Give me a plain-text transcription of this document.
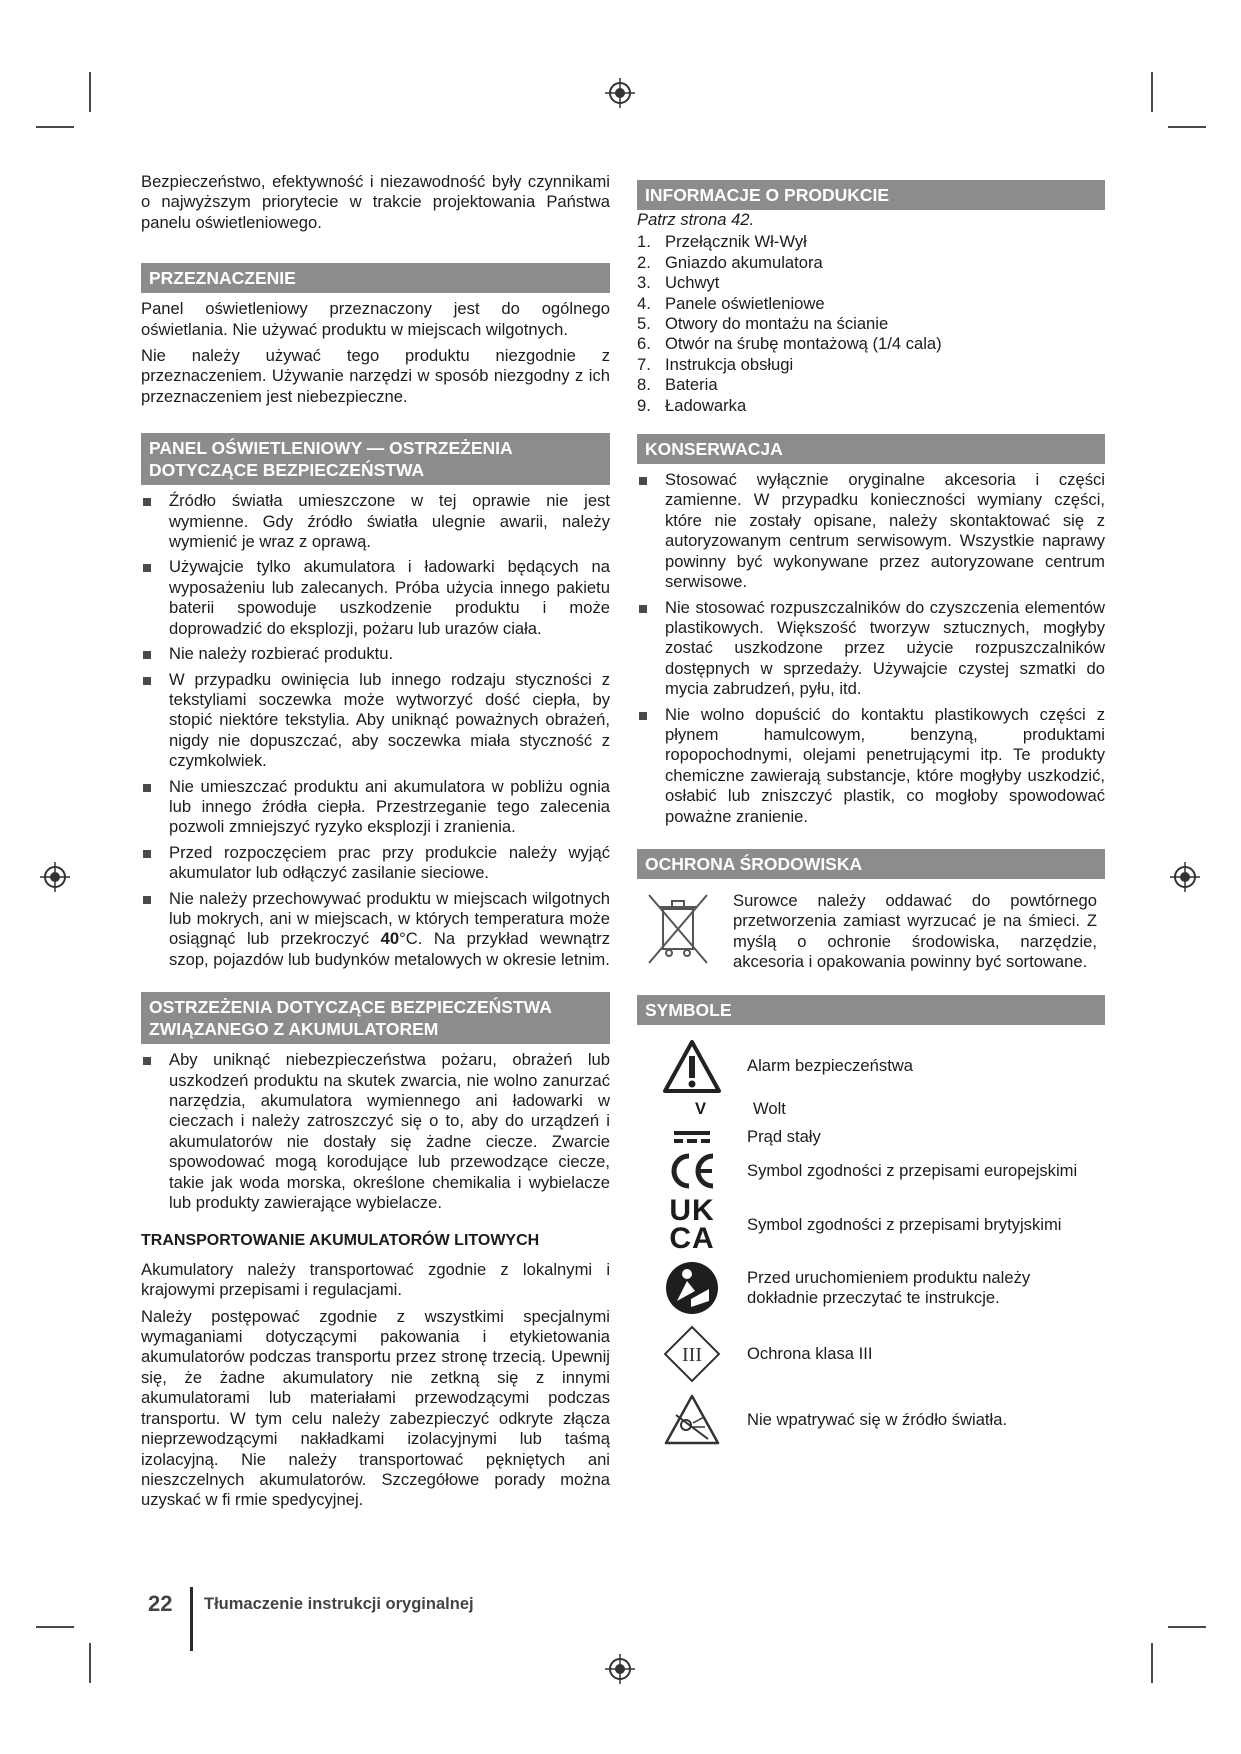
Bezpieczeństwo, efektywność i niezawodność były czynnikami o najwyższym priorytecie w trakcie projektowania Państwa panelu oświetleniowego.

PRZEZNACZENIE

Panel oświetleniowy przeznaczony jest do ogólnego oświetlania. Nie używać produktu w miejscach wilgotnych.

Nie należy używać tego produktu niezgodnie z przeznaczeniem. Używanie narzędzi w sposób niezgodny z ich przeznaczeniem jest niebezpieczne.

PANEL OŚWIETLENIOWY — OSTRZEŻENIA
DOTYCZĄCE BEZPIECZEŃSTWA
Źródło światła umieszczone w tej oprawie nie jest wymienne. Gdy źródło światła ulegnie awarii, należy wymienić je wraz z oprawą.
Używajcie tylko akumulatora i ładowarki będących na wyposażeniu lub zalecanych. Próba użycia innego pakietu baterii spowoduje uszkodzenie produktu i może doprowadzić do eksplozji, pożaru lub urazów ciała.
Nie należy rozbierać produktu.
W przypadku owinięcia lub innego rodzaju styczności z tekstyliami soczewka może wytworzyć dość ciepła, by stopić niektóre tekstylia. Aby uniknąć poważnych obrażeń, nigdy nie dopuszczać, aby soczewka miała styczność z czymkolwiek.
Nie umieszczać produktu ani akumulatora w pobliżu ognia lub innego źródła ciepła. Przestrzeganie tego zalecenia pozwoli zmniejszyć ryzyko eksplozji i zranienia.
Przed rozpoczęciem prac przy produkcie należy wyjąć akumulator lub odłączyć zasilanie sieciowe.
Nie należy przechowywać produktu w miejscach wilgotnych lub mokrych, ani w miejscach, w których temperatura może osiągnąć lub przekroczyć 40°C. Na przykład wewnątrz szop, pojazdów lub budynków metalowych w okresie letnim.
OSTRZEŻENIA DOTYCZĄCE BEZPIECZEŃSTWA
ZWIĄZANEGO Z AKUMULATOREM
Aby uniknąć niebezpieczeństwa pożaru, obrażeń lub uszkodzeń produktu na skutek zwarcia, nie wolno zanurzać narzędzia, akumulatora wymiennego ani ładowarki w cieczach i należy zatroszczyć się o to, aby do urządzeń i akumulatorów nie dostały się żadne ciecze. Zwarcie spowodować mogą korodujące lub przewodzące ciecze, takie jak woda morska, określone chemikalia i wybielacze lub produkty zawierające wybielacze.
TRANSPORTOWANIE AKUMULATORÓW LITOWYCH

Akumulatory należy transportować zgodnie z lokalnymi i krajowymi przepisami i regulacjami.

Należy postępować zgodnie z wszystkimi specjalnymi wymaganiami dotyczącymi pakowania i etykietowania akumulatorów podczas transportu przez stronę trzecią. Upewnij się, że żadne akumulatory nie zetkną się z innymi akumulatorami lub materiałami przewodzącymi podczas transportu. W tym celu należy zabezpieczyć odkryte złącza nieprzewodzącymi nakładkami izolacyjnymi lub taśmą izolacyjną. Nie należy transportować pękniętych ani nieszczelnych akumulatorów. Szczegółowe porady można uzyskać w fi rmie spedycyjnej.

INFORMACJE O PRODUKCIE
Patrz strona 42.
1. Przełącznik Wł-Wył
2. Gniazdo akumulatora
3. Uchwyt
4. Panele oświetleniowe
5. Otwory do montażu na ścianie
6. Otwór na śrubę montażową (1/4 cala)
7. Instrukcja obsługi
8. Bateria
9. Ładowarka
KONSERWACJA
Stosować wyłącznie oryginalne akcesoria i części zamienne. W przypadku konieczności wymiany części, które nie zostały opisane, należy skontaktować się z autoryzowanym centrum serwisowym. Wszystkie naprawy powinny być wykonywane przez autoryzowane centrum serwisowe.
Nie stosować rozpuszczalników do czyszczenia elementów plastikowych. Większość tworzyw sztucznych, mogłyby zostać uszkodzone przez użycie rozpuszczalników dostępnych w sprzedaży. Używajcie czystej szmatki do mycia zabrudzeń, pyłu, itd.
Nie wolno dopuścić do kontaktu plastikowych części z płynem hamulcowym, benzyną, produktami ropopochodnymi, olejami penetrującymi itp. Te produkty chemiczne zawierają substancje, które mogłyby uszkodzić, osłabić lub zniszczyć plastik, co mogłoby spowodować poważne zranienie.
OCHRONA ŚRODOWISKA
Surowce należy oddawać do powtórnego przetworzenia zamiast wyrzucać je na śmieci. Z myślą o ochronie środowiska, narzędzie, akcesoria i opakowania powinny być sortowane.
SYMBOLE
Alarm bezpieczeństwa
V	Wolt
Prąd stały
Symbol zgodności z przepisami europejskimi
UK
CA Symbol zgodności z przepisami brytyjskimi
Przed uruchomieniem produktu należy dokładnie przeczytać te instrukcje.
III	Ochrona klasa III
Nie wpatrywać się w źródło światła.
22 Tłumaczenie instrukcji oryginalnej
